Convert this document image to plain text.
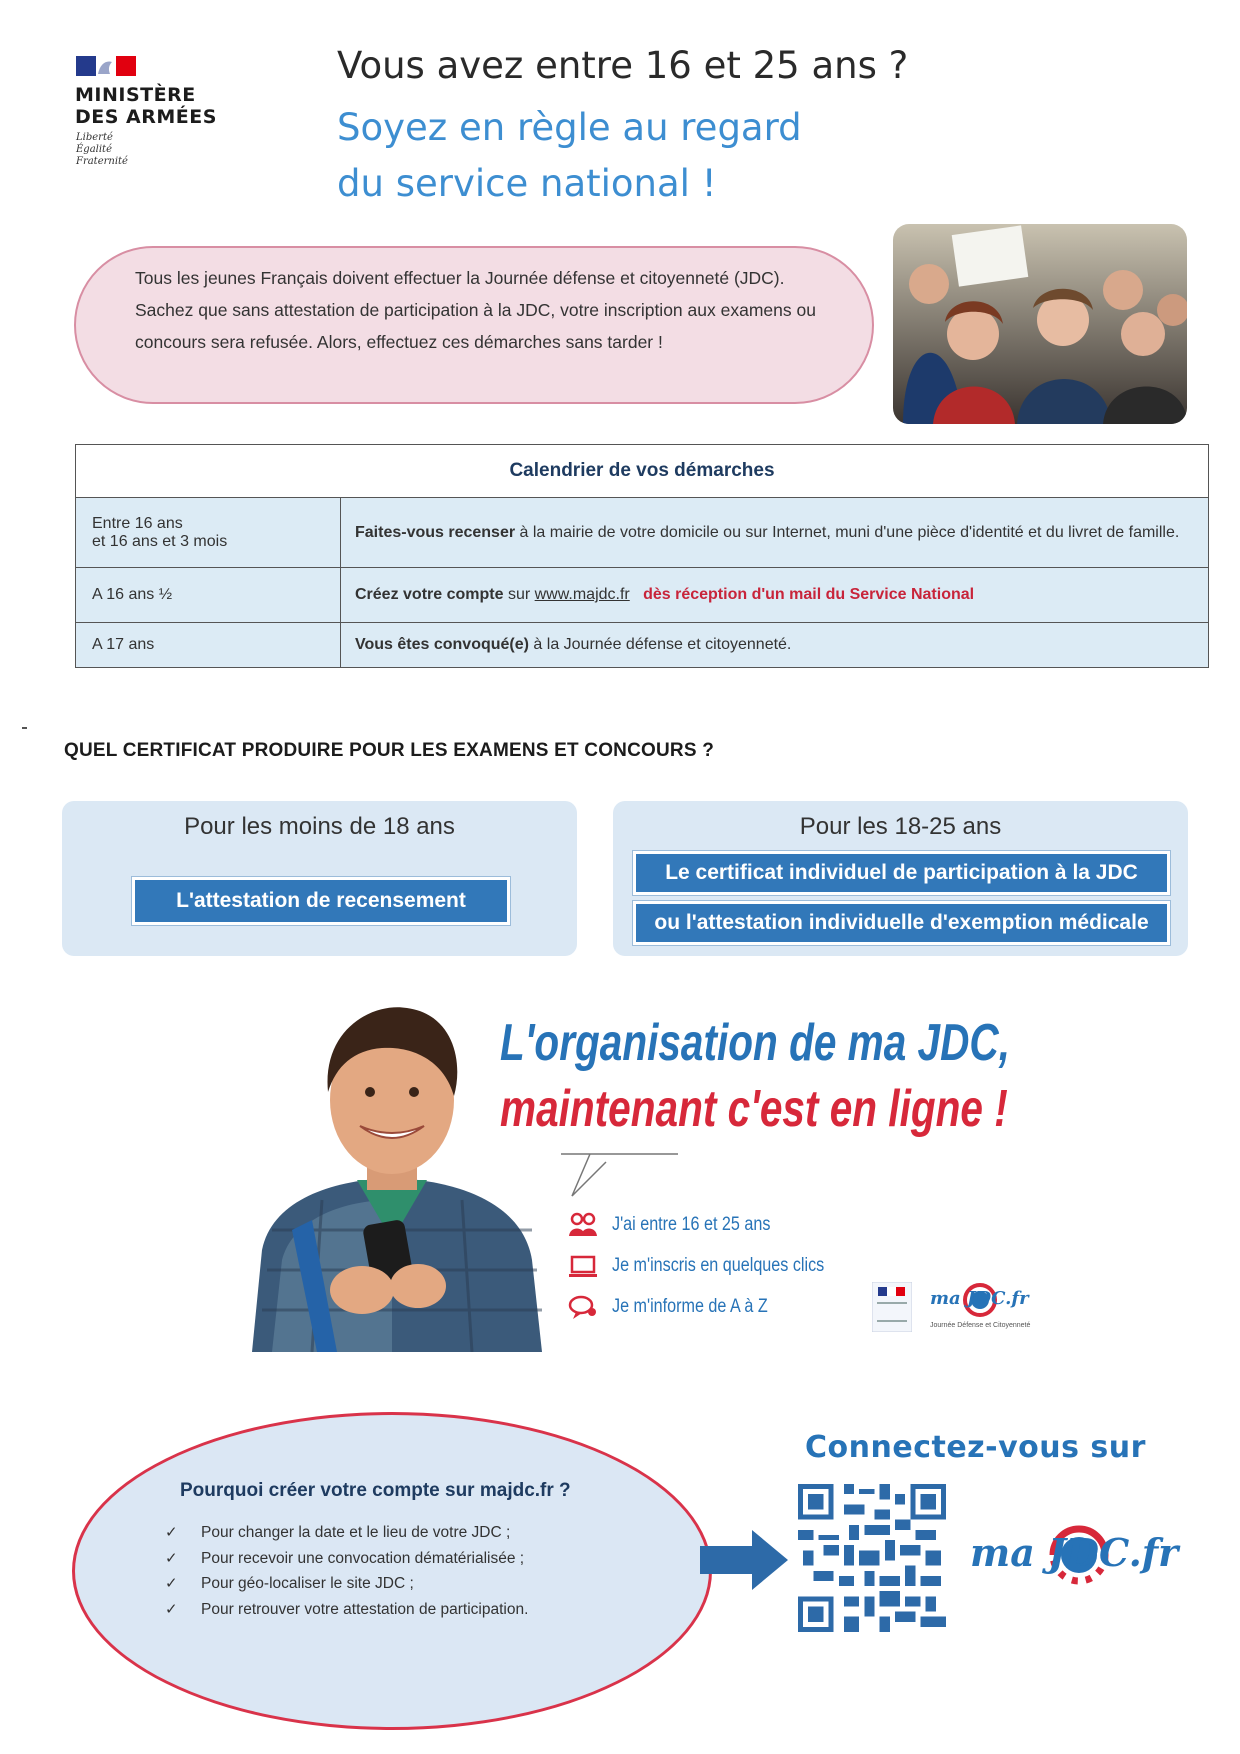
MINISTÈRE
DES ARMÉES
Liberté
Égalité
Fraternité
Vous avez entre 16 et 25 ans ?
Soyez en règle au regard
du service national !
Tous les jeunes Français doivent effectuer la Journée défense et citoyenneté (JDC). Sachez que sans attestation de participation à la JDC, votre inscription aux examens ou concours sera refusée. Alors, effectuez ces démarches sans tarder !
Calendrier de vos démarches	

Entre 16 ans
et 16 ans et 3 mois	Faites-vous recenser à la mairie de votre domicile ou sur Internet, muni d'une pièce d'identité et du livret de famille.
A 16 ans ½	Créez votre compte sur www.majdc.fr dès réception d'un mail du Service National
A 17 ans	Vous êtes convoqué(e) à la Journée défense et citoyenneté.
QUEL CERTIFICAT PRODUIRE POUR LES EXAMENS ET CONCOURS ?
Pour les moins de 18 ans
L'attestation de recensement
Pour les 18-25 ans
Le certificat individuel de participation à la JDC
ou l'attestation individuelle d'exemption médicale
L'organisation de ma JDC,
maintenant c'est en ligne !
J'ai entre 16 et 25 ans
Je m'inscris en quelques clics
Je m'informe de A à Z	ma JDC.fr
Journée Défense et Citoyenneté
Pourquoi créer votre compte sur majdc.fr ?
✓ Pour changer la date et le lieu de votre JDC ;
✓ Pour recevoir une convocation dématérialisée ;
✓ Pour géo-localiser le site JDC ;
✓ Pour retrouver votre attestation de participation.
Connectez-vous sur
ma JDC.fr
